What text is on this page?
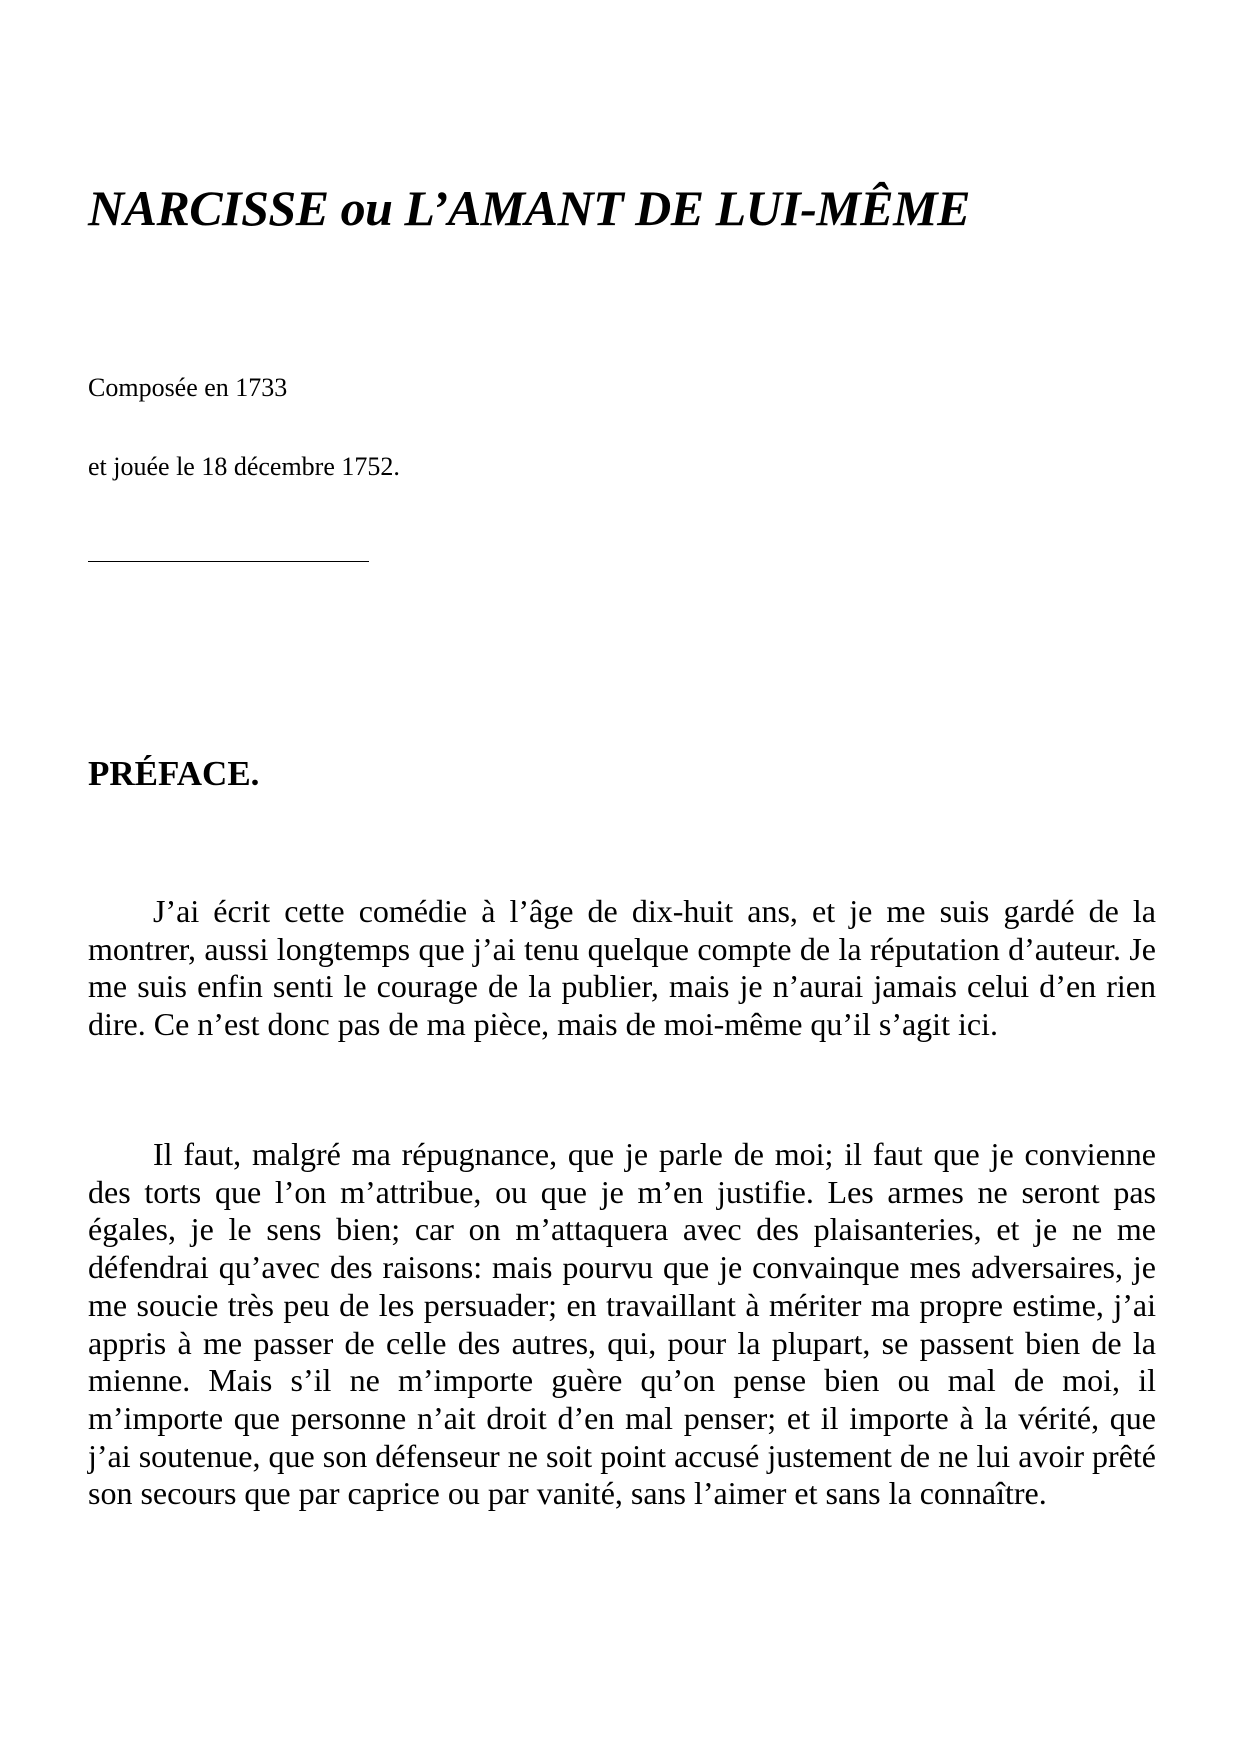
NARCISSE ou L’AMANT DE LUI-MÊME

Composée en 1733

et jouée le 18 décembre 1752.

PRÉFACE.

J’ai écrit cette comédie à l’âge de dix-huit ans, et je me suis gardé de la montrer, aussi longtemps que j’ai tenu quelque compte de la réputation d’auteur. Je me suis enfin senti le courage de la publier, mais je n’aurai jamais celui d’en rien dire. Ce n’est donc pas de ma pièce, mais de moi-même qu’il s’agit ici.

Il faut, malgré ma répugnance, que je parle de moi; il faut que je convienne des torts que l’on m’attribue, ou que je m’en justifie. Les armes ne seront pas égales, je le sens bien; car on m’attaquera avec des plaisanteries, et je ne me défendrai qu’avec des raisons: mais pourvu que je convainque mes adversaires, je me soucie très peu de les persuader; en travaillant à mériter ma propre estime, j’ai appris à me passer de celle des autres, qui, pour la plupart, se passent bien de la mienne. Mais s’il ne m’importe guère qu’on pense bien ou mal de moi, il m’importe que personne n’ait droit d’en mal penser; et il importe à la vérité, que j’ai soutenue, que son défenseur ne soit point accusé justement de ne lui avoir prêté son secours que par caprice ou par vanité, sans l’aimer et sans la connaître.
